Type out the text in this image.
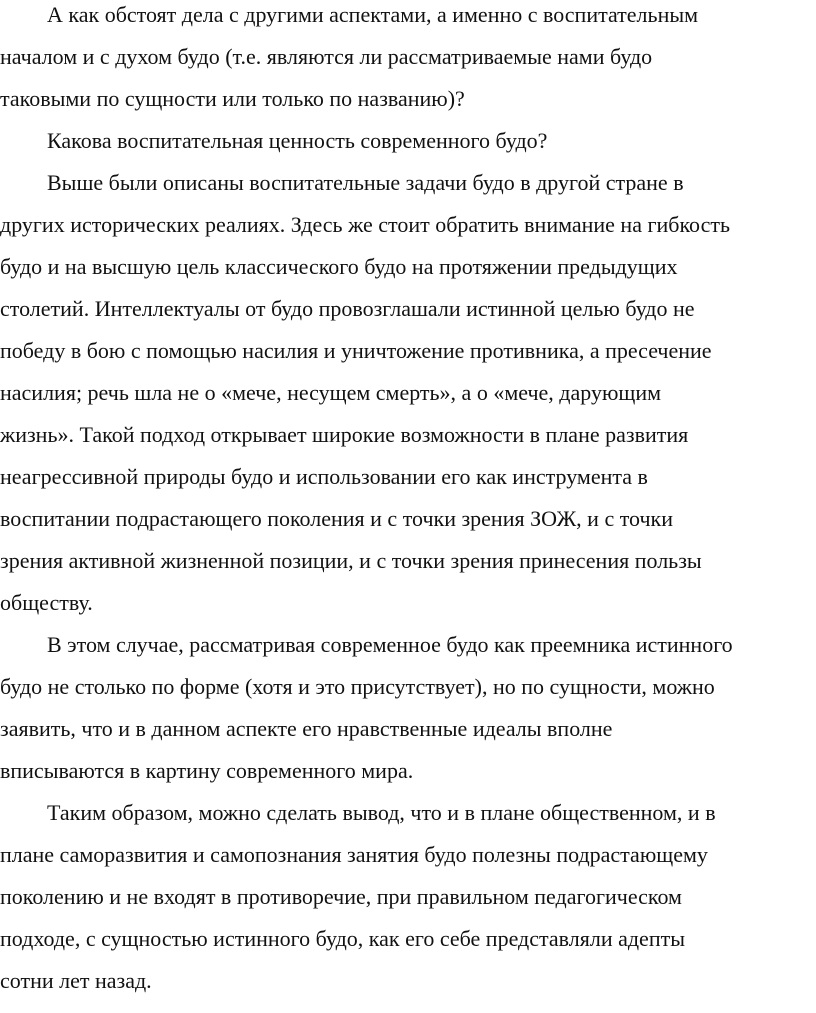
А как обстоят дела с другими аспектами, а именно с воспитательным
началом и с духом будо (т.е. являются ли рассматриваемые нами будо
таковыми по сущности или только по названию)?
Какова воспитательная ценность современного будо?
Выше были описаны воспитательные задачи будо в другой стране в
других исторических реалиях. Здесь же стоит обратить внимание на гибкость
будо и на высшую цель классического будо на протяжении предыдущих
столетий. Интеллектуалы от будо провозглашали истинной целью будо не
победу в бою с помощью насилия и уничтожение противника, а пресечение
насилия; речь шла не о «мече, несущем смерть», а о «мече, дарующим
жизнь». Такой подход открывает широкие возможности в плане развития
неагрессивной природы будо и использовании его как инструмента в
воспитании подрастающего поколения и с точки зрения ЗОЖ, и с точки
зрения активной жизненной позиции, и с точки зрения принесения пользы
обществу.
В этом случае, рассматривая современное будо как преемника истинного
будо не столько по форме (хотя и это присутствует), но по сущности, можно
заявить, что и в данном аспекте его нравственные идеалы вполне
вписываются в картину современного мира.
Таким образом, можно сделать вывод, что и в плане общественном, и в
плане саморазвития и самопознания занятия будо полезны подрастающему
поколению и не входят в противоречие, при правильном педагогическом
подходе, с сущностью истинного будо, как его себе представляли адепты
сотни лет назад.
